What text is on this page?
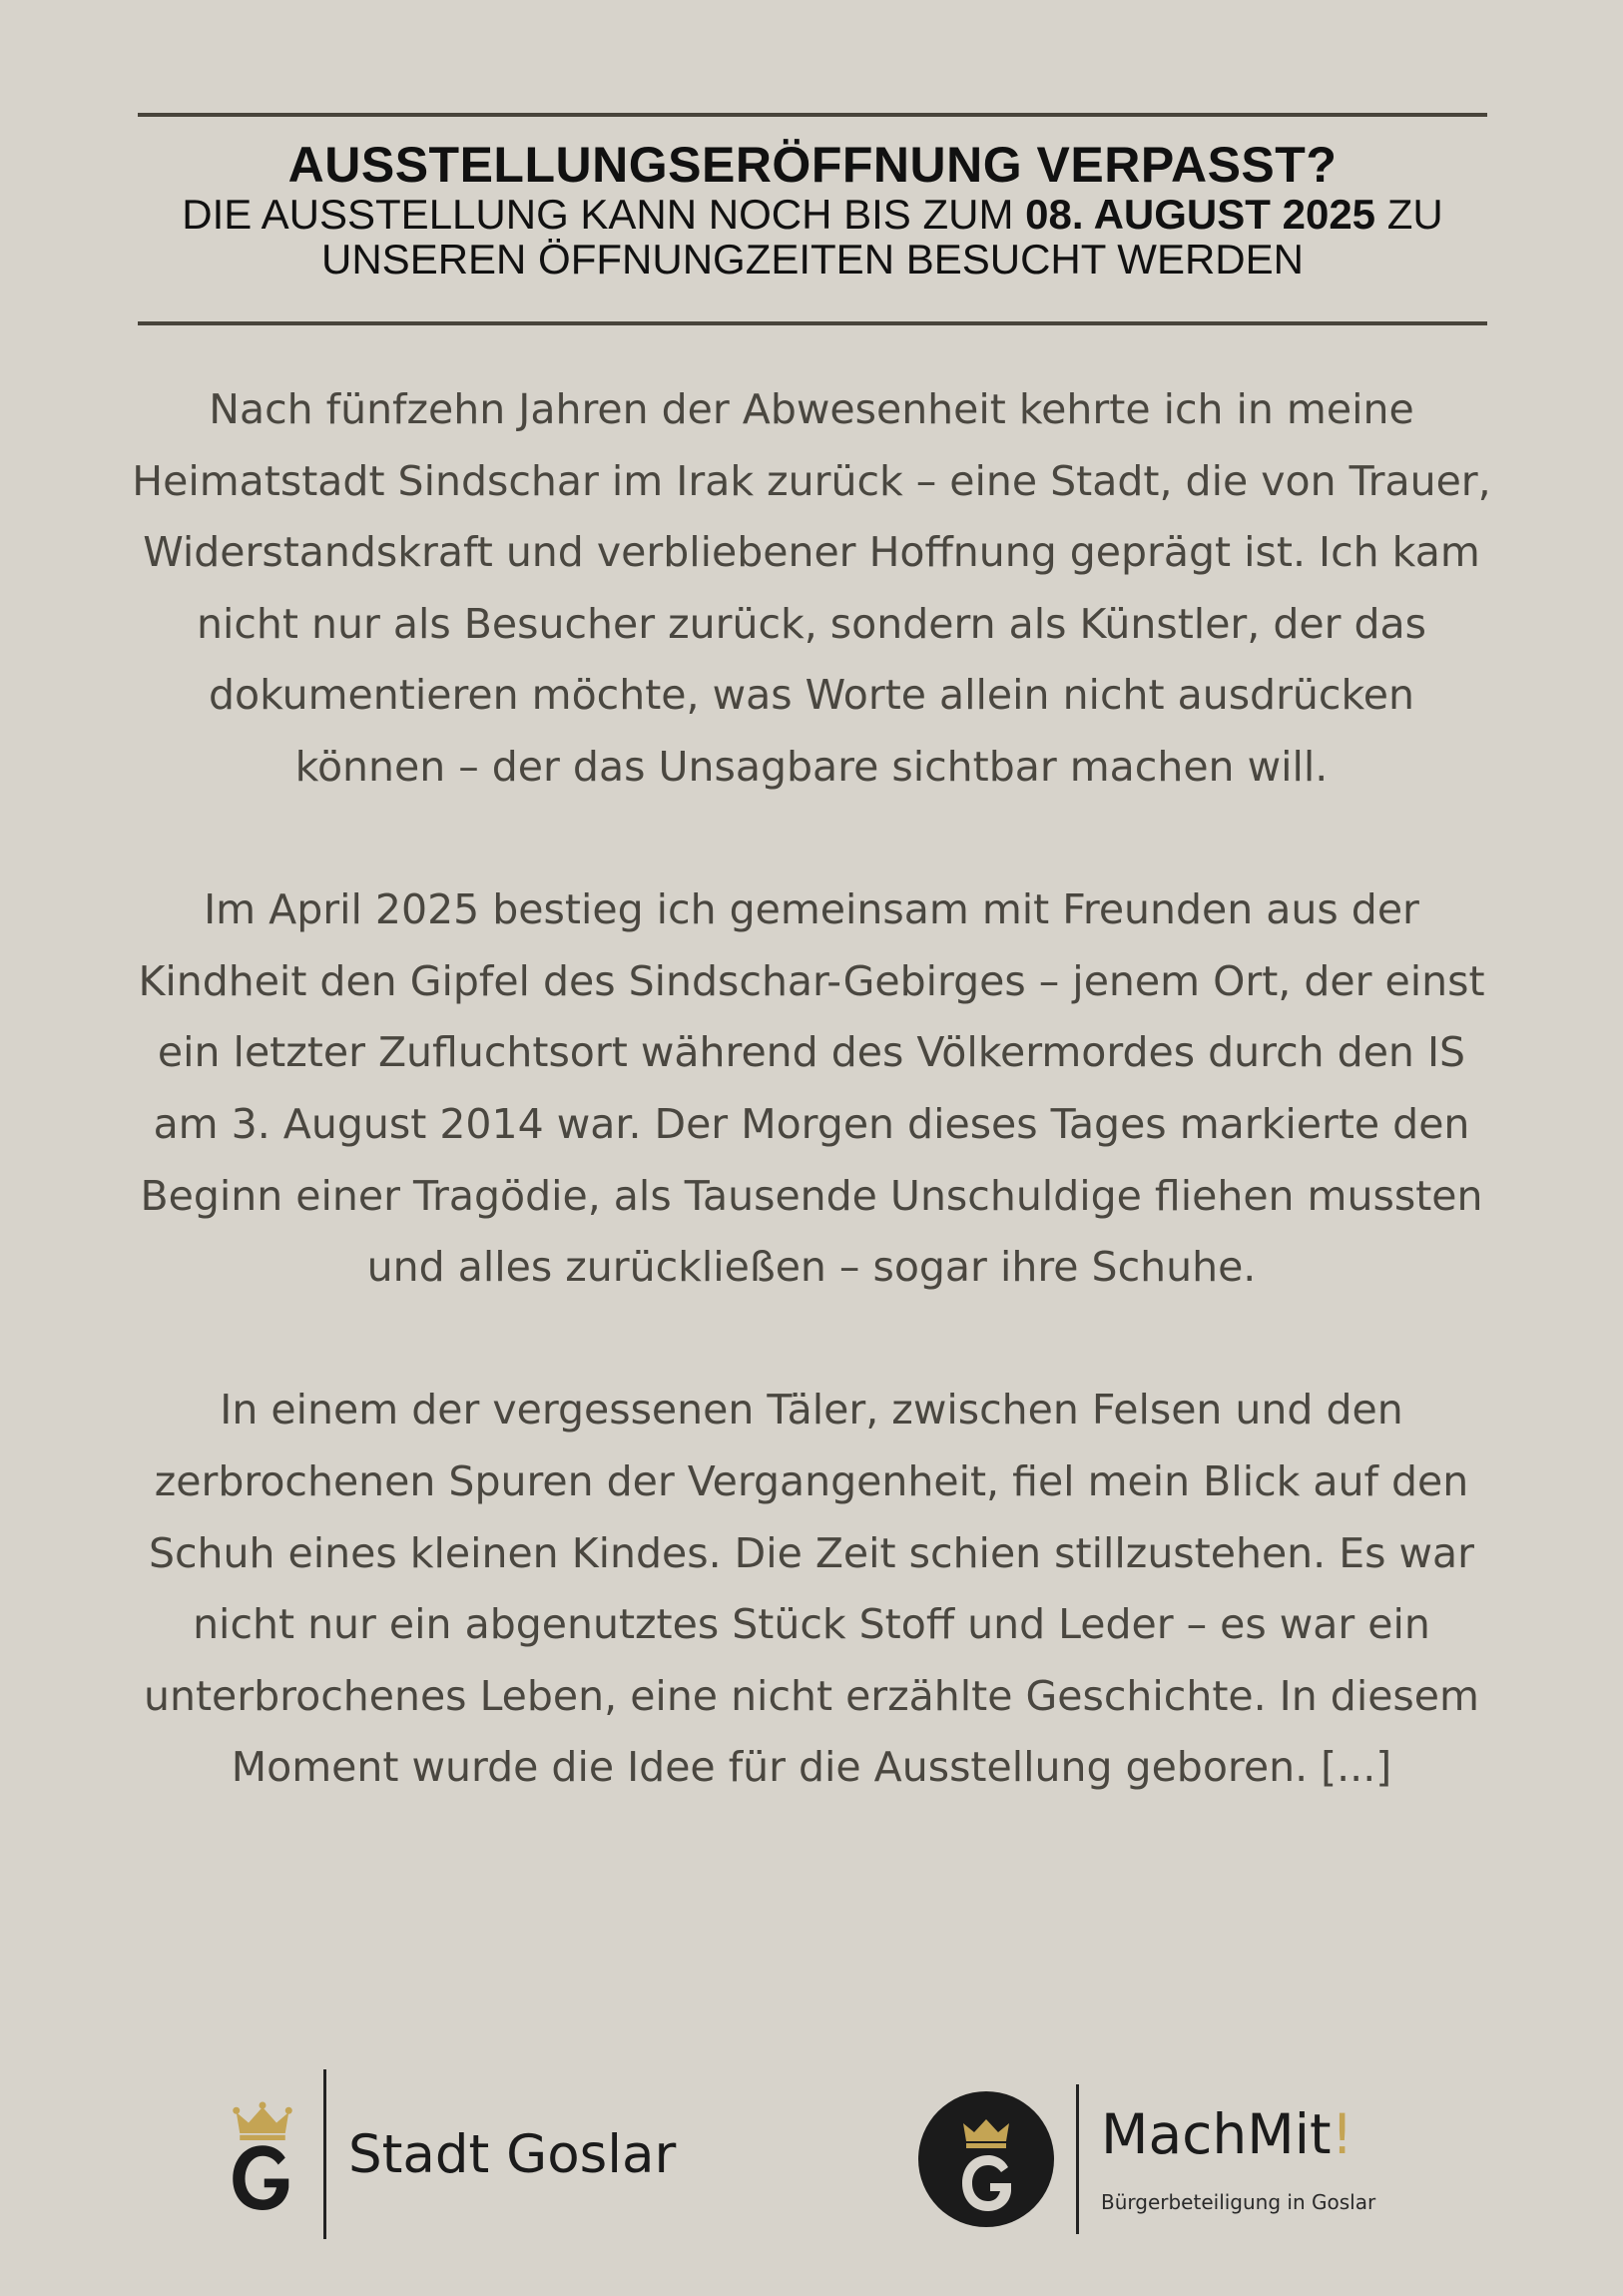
AUSSTELLUNGSERÖFFNUNG VERPASST?

DIE AUSSTELLUNG KANN NOCH BIS ZUM 08. AUGUST 2025 ZU UNSEREN ÖFFNUNGZEITEN BESUCHT WERDEN

Nach fünfzehn Jahren der Abwesenheit kehrte ich in meine Heimatstadt Sindschar im Irak zurück – eine Stadt, die von Trauer, Widerstandskraft und verbliebener Hoffnung geprägt ist. Ich kam nicht nur als Besucher zurück, sondern als Künstler, der das dokumentieren möchte, was Worte allein nicht ausdrücken können – der das Unsagbare sichtbar machen will.

Im April 2025 bestieg ich gemeinsam mit Freunden aus der Kindheit den Gipfel des Sindschar-Gebirges – jenem Ort, der einst ein letzter Zufluchtsort während des Völkermordes durch den IS am 3. August 2014 war. Der Morgen dieses Tages markierte den Beginn einer Tragödie, als Tausende Unschuldige fliehen mussten und alles zurückließen – sogar ihre Schuhe.

In einem der vergessenen Täler, zwischen Felsen und den zerbrochenen Spuren der Vergangenheit, fiel mein Blick auf den Schuh eines kleinen Kindes. Die Zeit schien stillzustehen. Es war nicht nur ein abgenutztes Stück Stoff und Leder – es war ein unterbrochenes Leben, eine nicht erzählte Geschichte. In diesem Moment wurde die Idee für die Ausstellung geboren. [...]

Stadt Goslar	MachMit!
Bürgerbeteiligung in Goslar
